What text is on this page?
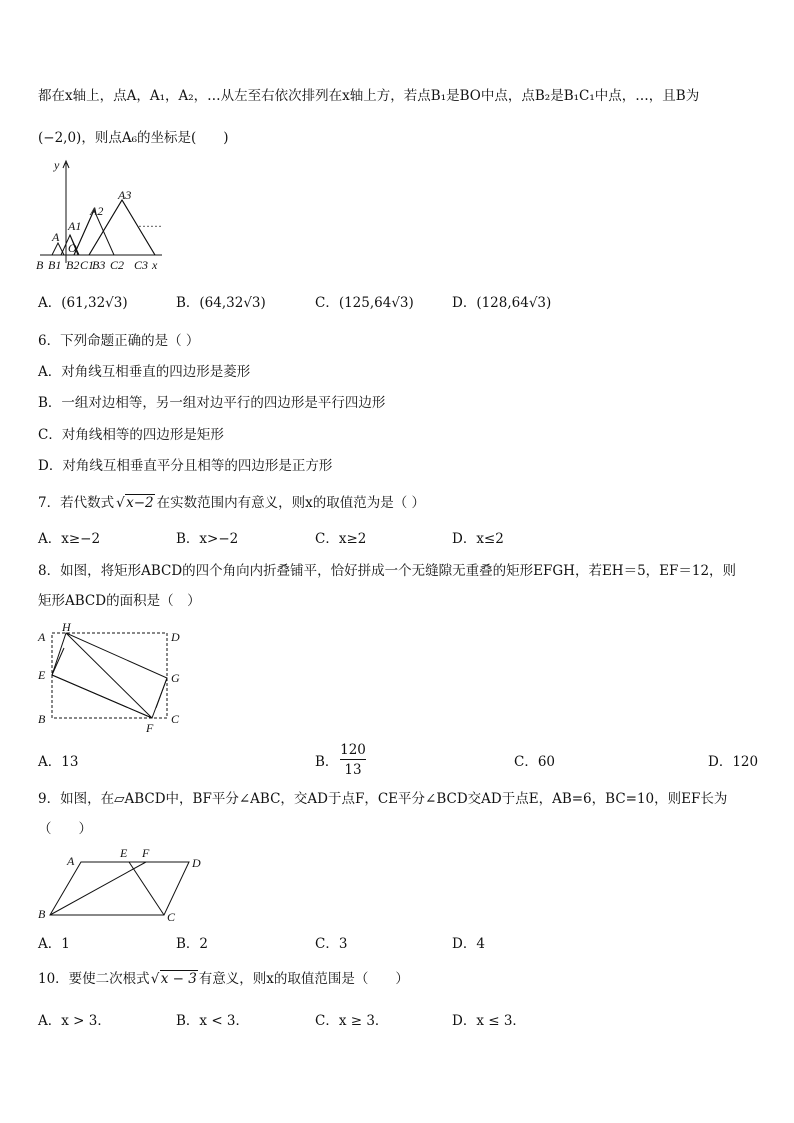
都在x轴上，点A，A₁，A₂，…从左至右依次排列在x轴上方，若点B₁是BO中点，点B₂是B₁C₁中点，…，且B为
(−2,0)，则点A₆的坐标是(　　)
y
A
A1
A2
A3
O
B B1 B2 C1
B3 C2 C3 x
……
A．(61,32√3)	B．(64,32√3)	C．(125,64√3)	D．(128,64√3)
6．下列命题正确的是（ ）
A．对角线互相垂直的四边形是菱形
B．一组对边相等，另一组对边平行的四边形是平行四边形
C．对角线相等的四边形是矩形
D．对角线互相垂直平分且相等的四边形是正方形
7．若代数式 √ x−2 在实数范围内有意义，则x的取值范为是（ ）
A．x≥−2	B．x>−2	C．x≥2	D．x≤2
8．如图，将矩形ABCD的四个角向内折叠铺平，恰好拼成一个无缝隙无重叠的矩形EFGH，若EH＝5，EF＝12，则
矩形ABCD的面积是（　）
A
H
D
E	G
B
F
C
A．13	B． $\frac{120}{13}$	C．60	D．120
9．如图，在▱ABCD中，BF平分∠ABC，交AD于点F，CE平分∠BCD交AD于点E，AB=6，BC=10，则EF长为
（　　）
A
E F
D
B	C
A．1	B．2	C．3	D．4
10．要使二次根式 √ x − 3 有意义，则x的取值范围是（　　）
A．x > 3．	B．x < 3．	C．x ≥ 3．	D．x ≤ 3．
